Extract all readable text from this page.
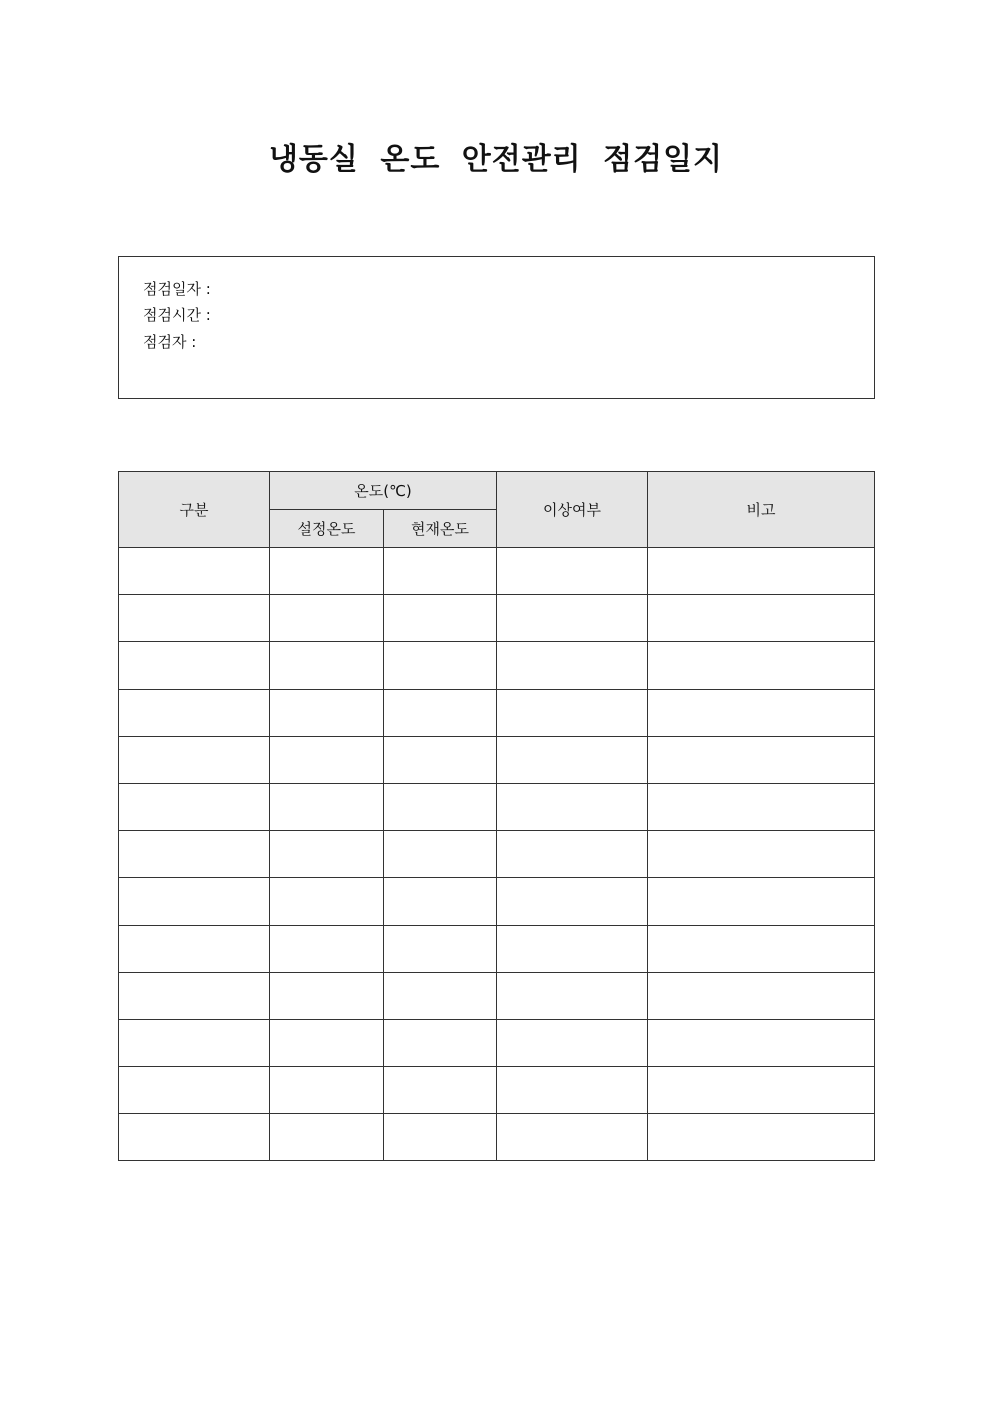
냉동실 온도 안전관리 점검일지
점검일자 :
점검시간 :
점검자 :
구분	온도(℃)		이상여부	비고
	설정온도	현재온도		
